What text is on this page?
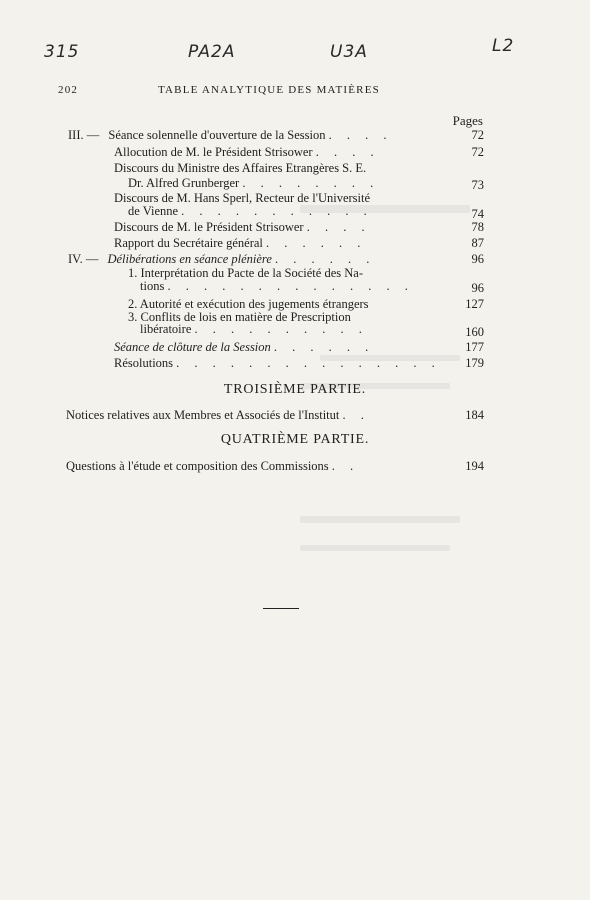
315	PA2A	U3A	L2
202	TABLE ANALYTIQUE DES MATIÈRES
Pages
III. — Séance solennelle d'ouverture de la Session . . . .	72
Allocution de M. le Président Strisower . . . .	72
Discours du Ministre des Affaires Etrangères S. E.
Dr. Alfred Grunberger . . . . . . . .	73
Discours de M. Hans Sperl, Recteur de l'Université
de Vienne . . . . . . . . . . .	74
Discours de M. le Président Strisower . . . .	78
Rapport du Secrétaire général . . . . . .	87
IV. — Délibérations en séance plénière . . . . . .	96
1. Interprétation du Pacte de la Société des Na-
tions . . . . . . . . . . . . . .	96
2. Autorité et exécution des jugements étrangers	127
3. Conflits de lois en matière de Prescription
libératoire . . . . . . . . . .	160
Séance de clôture de la Session . . . . . .	177
Résolutions . . . . . . . . . . . . . . . 179
TROISIÈME PARTIE.
Notices relatives aux Membres et Associés de l'Institut . .	184
QUATRIÈME PARTIE.
Questions à l'étude et composition des Commissions . .	194
